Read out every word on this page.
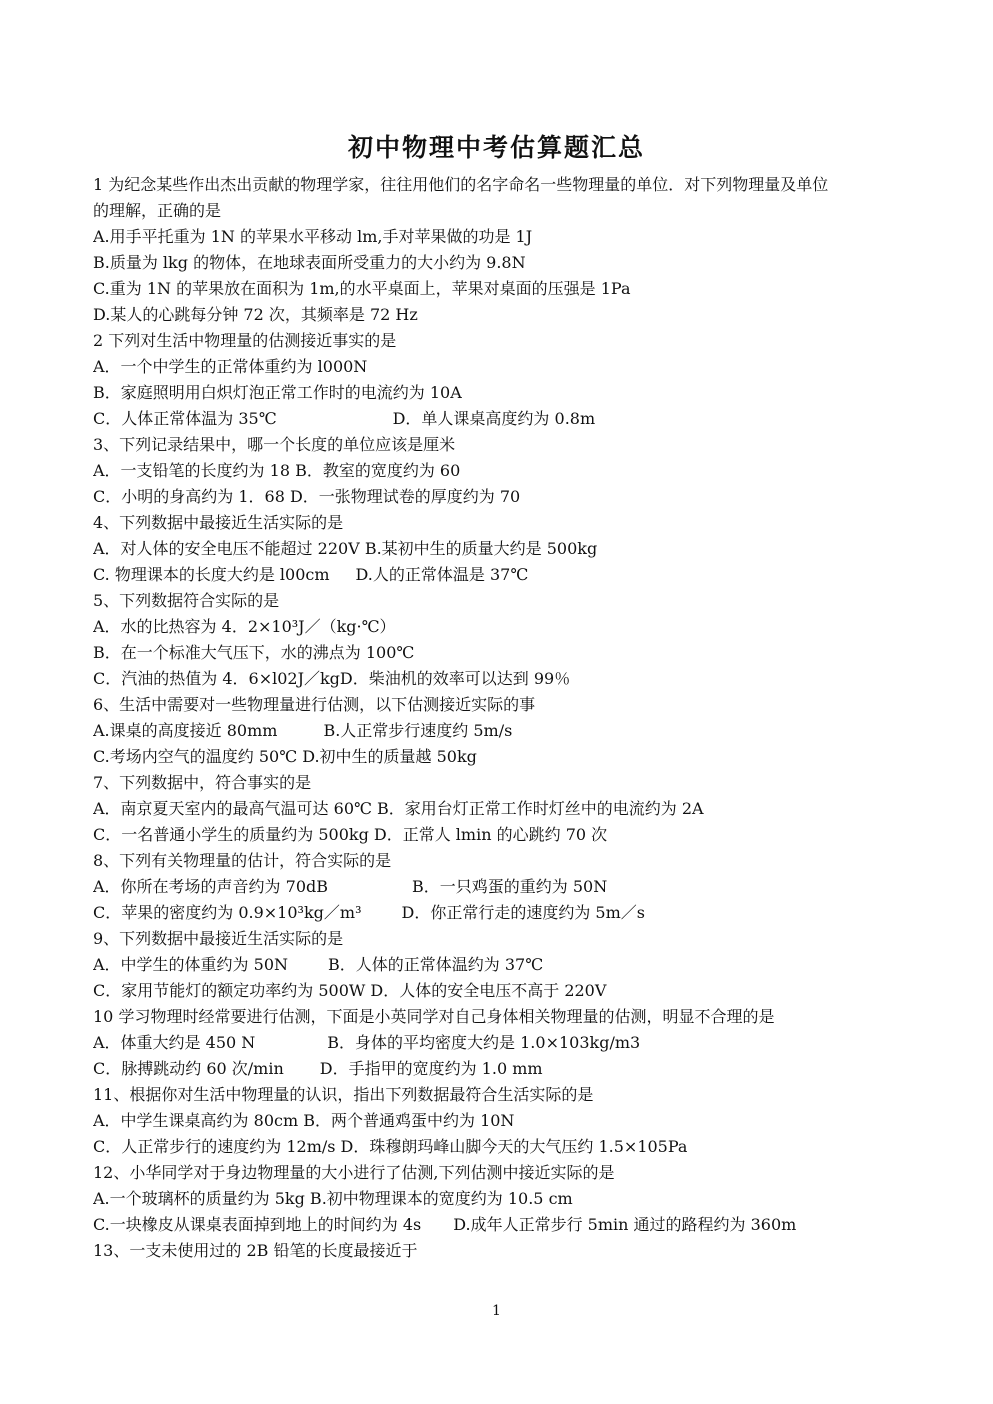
初中物理中考估算题汇总
1 为纪念某些作出杰出贡献的物理学家，往往用他们的名字命名一些物理量的单位．对下列物理量及单位
的理解，正确的是
A.用手平托重为 1N 的苹果水平移动 lm,手对苹果做的功是 1J
B.质量为 lkg 的物体，在地球表面所受重力的大小约为 9.8N
C.重为 1N 的苹果放在面积为 1m,的水平桌面上，苹果对桌面的压强是 1Pa
D.某人的心跳每分钟 72 次，其频率是 72 Hz
2 下列对生活中物理量的估测接近事实的是
A．一个中学生的正常体重约为 l000N
B．家庭照明用白炽灯泡正常工作时的电流约为 10A
C．人体正常体温为 35℃	D．单人课桌高度约为 0.8m
3、下列记录结果中，哪一个长度的单位应该是厘米
A．一支铅笔的长度约为 18 B．教室的宽度约为 60
C．小明的身高约为 1．68 D．一张物理试卷的厚度约为 70
4、下列数据中最接近生活实际的是
A．对人体的安全电压不能超过 220V B.某初中生的质量大约是 500kg
C. 物理课本的长度大约是 l00cm D.人的正常体温是 37℃
5、下列数据符合实际的是
A．水的比热容为 4．2×10³J／（kg·℃）
B．在一个标准大气压下，水的沸点为 100℃
C．汽油的热值为 4．6×l02J／kgD．柴油机的效率可以达到 99％
6、生活中需要对一些物理量进行估测，以下估测接近实际的事
A.课桌的高度接近 80mm	B.人正常步行速度约 5m/s
C.考场内空气的温度约 50℃ D.初中生的质量越 50kg
7、下列数据中，符合事实的是
A．南京夏天室内的最高气温可达 60℃ B．家用台灯正常工作时灯丝中的电流约为 2A
C．一名普通小学生的质量约为 500kg D．正常人 lmin 的心跳约 70 次
8、下列有关物理量的估计，符合实际的是
A．你所在考场的声音约为 70dB	B．一只鸡蛋的重约为 50N
C．苹果的密度约为 0.9×10³kg／m³	D．你正常行走的速度约为 5m／s
9、下列数据中最接近生活实际的是
A．中学生的体重约为 50N	B．人体的正常体温约为 37℃
C．家用节能灯的额定功率约为 500W D．人体的安全电压不高于 220V
10 学习物理时经常要进行估测，下面是小英同学对自己身体相关物理量的估测，明显不合理的是
A．体重大约是 450 N	B．身体的平均密度大约是 1.0×103kg/m3
C．脉搏跳动约 60 次/min D．手指甲的宽度约为 1.0 mm
11、根据你对生活中物理量的认识，指出下列数据最符合生活实际的是
A．中学生课桌高约为 80cm B．两个普通鸡蛋中约为 10N
C．人正常步行的速度约为 12m/s D．珠穆朗玛峰山脚今天的大气压约 1.5×105Pa
12、小华同学对于身边物理量的大小进行了估测,下列估测中接近实际的是
A.一个玻璃杯的质量约为 5kg B.初中物理课本的宽度约为 10.5 cm
C.一块橡皮从课桌表面掉到地上的时间约为 4s D.成年人正常步行 5min 通过的路程约为 360m
13、一支未使用过的 2B 铅笔的长度最接近于
1
